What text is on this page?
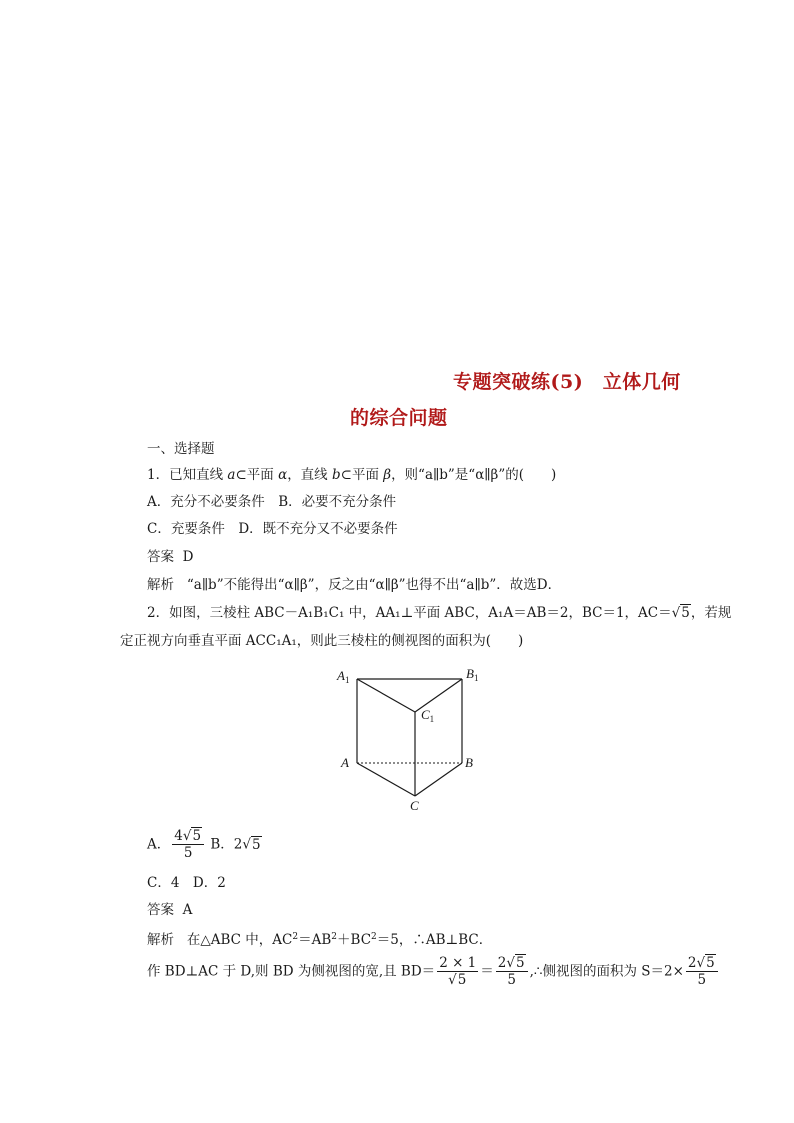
专题突破练(5)　立体几何
的综合问题
一、选择题
1．已知直线 a⊂平面 α，直线 b⊂平面 β，则“a∥b”是“α∥β”的(　　)
A．充分不必要条件　B．必要不充分条件
C．充要条件　D．既不充分又不必要条件
答案 D
解析 “a∥b”不能得出“α∥β”，反之由“α∥β”也得不出“a∥b”．故选D．
2．如图，三棱柱 ABC－A₁B₁C₁ 中，AA₁⊥平面 ABC，A₁A＝AB＝2，BC＝1，AC＝√5，若规
定正视方向垂直平面 ACC₁A₁，则此三棱柱的侧视图的面积为(　　)
$A_1$	$B_1$
$C_1$
A	B
C
A． $\frac{4√5}{5}$ B．2√5
C．4　D．2
答案 A
解析 在△ABC 中，$AC^2=AB^2+BC^2=5$，∴AB⊥BC．
作 BD⊥AC 于 D,则 BD 为侧视图的宽,且 $BD= \frac{2 \times 1}{√5} = \frac{2√5}{5}$ ,∴侧视图的面积为 $S=2\times \frac{2√5}{5}$
